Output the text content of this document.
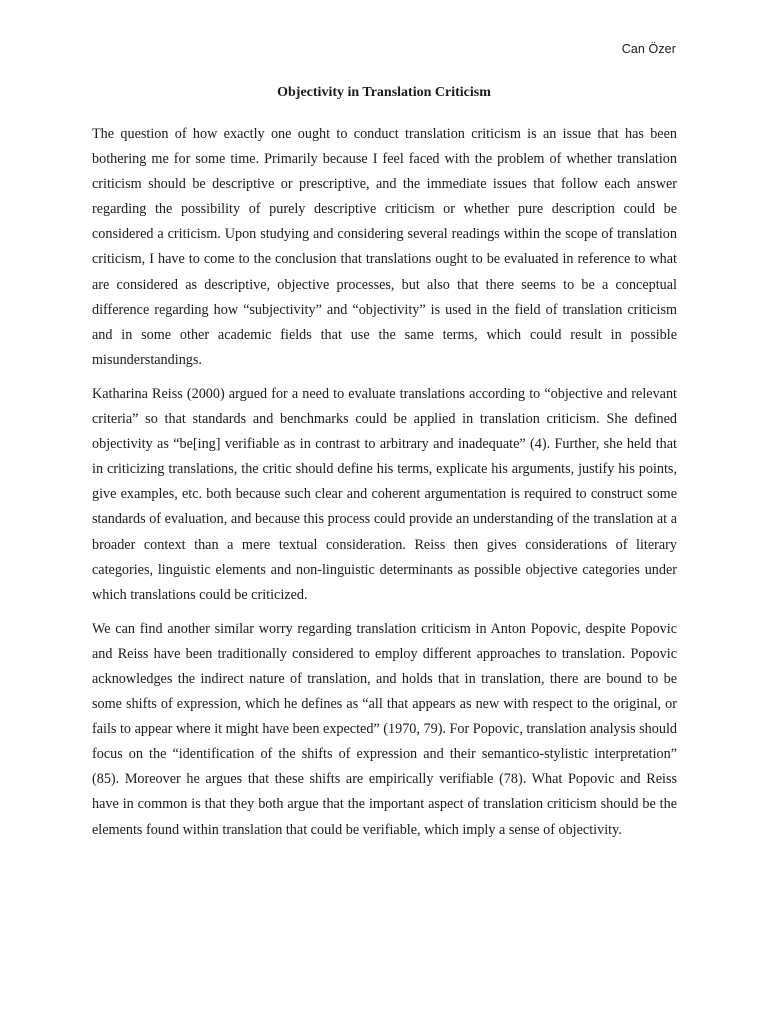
Can Özer
Objectivity in Translation Criticism

The question of how exactly one ought to conduct translation criticism is an issue that has been bothering me for some time. Primarily because I feel faced with the problem of whether translation criticism should be descriptive or prescriptive, and the immediate issues that follow each answer regarding the possibility of purely descriptive criticism or whether pure description could be considered a criticism. Upon studying and considering several readings within the scope of translation criticism, I have to come to the conclusion that translations ought to be evaluated in reference to what are considered as descriptive, objective processes, but also that there seems to be a conceptual difference regarding how “subjectivity” and “objectivity” is used in the field of translation criticism and in some other academic fields that use the same terms, which could result in possible misunderstandings.

Katharina Reiss (2000) argued for a need to evaluate translations according to “objective and relevant criteria” so that standards and benchmarks could be applied in translation criticism. She defined objectivity as “be[ing] verifiable as in contrast to arbitrary and inadequate” (4). Further, she held that in criticizing translations, the critic should define his terms, explicate his arguments, justify his points, give examples, etc. both because such clear and coherent argumentation is required to construct some standards of evaluation, and because this process could provide an understanding of the translation at a broader context than a mere textual consideration. Reiss then gives considerations of literary categories, linguistic elements and non-linguistic determinants as possible objective categories under which translations could be criticized.

We can find another similar worry regarding translation criticism in Anton Popovic, despite Popovic and Reiss have been traditionally considered to employ different approaches to translation. Popovic acknowledges the indirect nature of translation, and holds that in translation, there are bound to be some shifts of expression, which he defines as “all that appears as new with respect to the original, or fails to appear where it might have been expected” (1970, 79). For Popovic, translation analysis should focus on the “identification of the shifts of expression and their semantico-stylistic interpretation” (85). Moreover he argues that these shifts are empirically verifiable (78). What Popovic and Reiss have in common is that they both argue that the important aspect of translation criticism should be the elements found within translation that could be verifiable, which imply a sense of objectivity.
